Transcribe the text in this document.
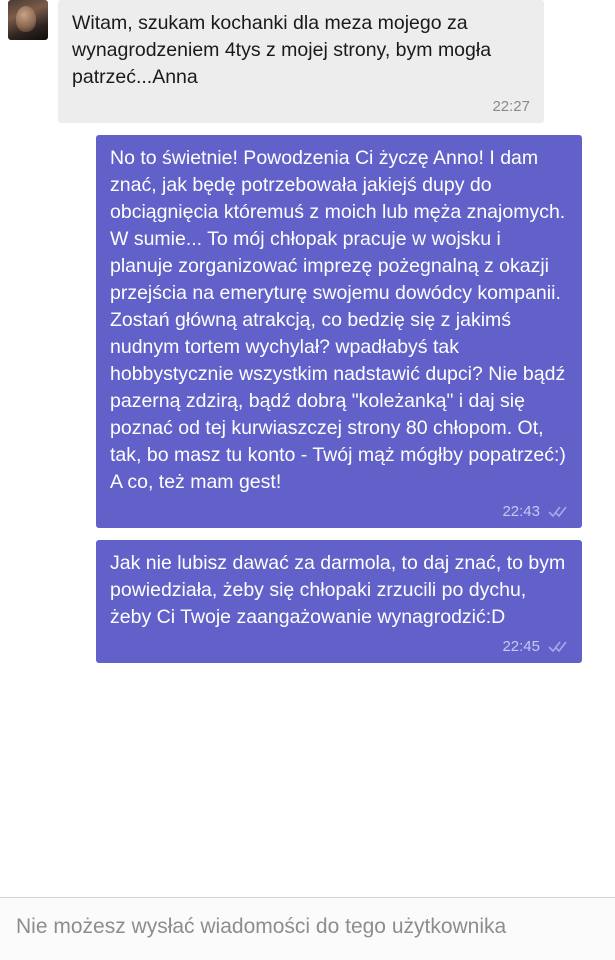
Witam, szukam kochanki dla meza mojego za wynagrodzeniem 4tys z mojej strony, bym mogła patrzeć...Anna
22:27
No to świetnie! Powodzenia Ci życzę Anno! I dam znać, jak będę potrzebowała jakiejś dupy do obciągnięcia któremuś z moich lub męża znajomych. W sumie... To mój chłopak pracuje w wojsku i planuje zorganizować imprezę pożegnalną z okazji przejścia na emeryturę swojemu dowódcy kompanii. Zostań główną atrakcją, co bedzię się z jakimś nudnym tortem wychylał? wpadłabyś tak hobbystycznie wszystkim nadstawić dupci? Nie bądź pazerną zdzirą, bądź dobrą "koleżanką" i daj się poznać od tej kurwiaszczej strony 80 chłopom. Ot, tak, bo masz tu konto - Twój mąż mógłby popatrzeć:) A co, też mam gest!
22:43
Jak nie lubisz dawać za darmola, to daj znać, to bym powiedziała, żeby się chłopaki zrzucili po dychu, żeby Ci Twoje zaangażowanie wynagrodzić:D
22:45
Nie możesz wysłać wiadomości do tego użytkownika
